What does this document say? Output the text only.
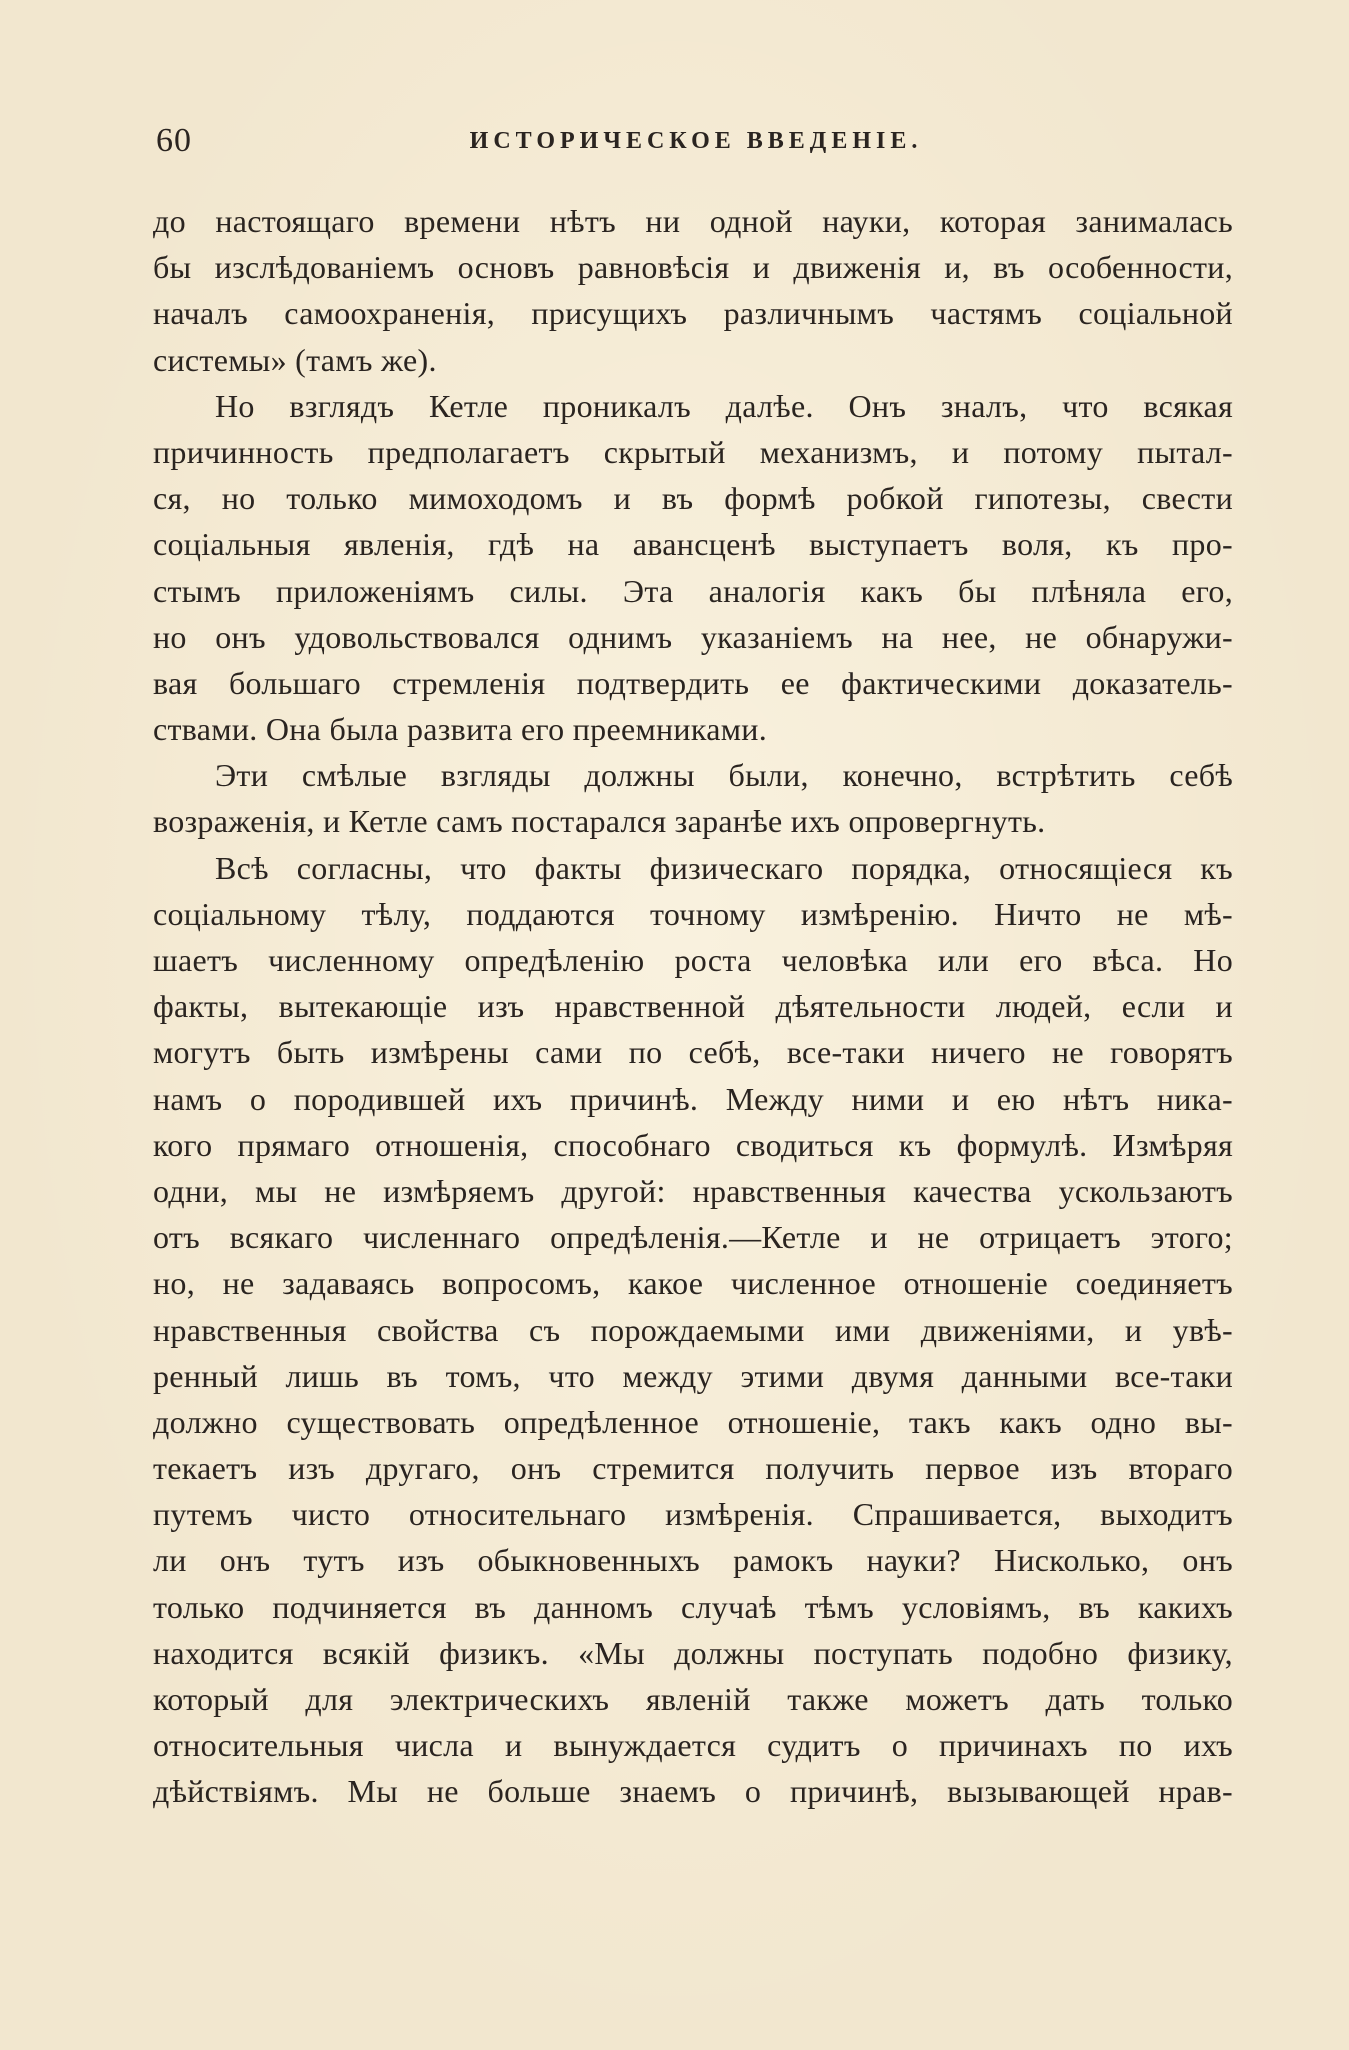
60	ИСТОРИЧЕСКОЕ ВВЕДЕНIЕ.
до настоящаго времени нѣтъ ни одной науки, которая занималась
бы изслѣдованiемъ основъ равновѣсiя и движенiя и, въ особенности,
началъ самоохраненiя, присущихъ различнымъ частямъ соцiальной
системы» (тамъ же).
Но взглядъ Кетле проникалъ далѣе. Онъ зналъ, что всякая
причинность предполагаетъ скрытый механизмъ, и потому пытал-
ся, но только мимоходомъ и въ формѣ робкой гипотезы, свести
соцiальныя явленiя, гдѣ на авансценѣ выступаетъ воля, къ про-
стымъ приложенiямъ силы. Эта аналогiя какъ бы плѣняла его,
но онъ удовольствовался однимъ указанiемъ на нее, не обнаружи-
вая большаго стремленiя подтвердить ее фактическими доказатель-
ствами. Она была развита его преемниками.
Эти смѣлые взгляды должны были, конечно, встрѣтить себѣ
возраженiя, и Кетле самъ постарался заранѣе ихъ опровергнуть.
Всѣ согласны, что факты физическаго порядка, относящiеся къ
соцiальному тѣлу, поддаются точному измѣренiю. Ничто не мѣ-
шаетъ численному опредѣленiю роста человѣка или его вѣса. Но
факты, вытекающiе изъ нравственной дѣятельности людей, если и
могутъ быть измѣрены сами по себѣ, все-таки ничего не говорятъ
намъ о породившей ихъ причинѣ. Между ними и ею нѣтъ никa-
кого прямаго отношенiя, способнаго сводиться къ формулѣ. Измѣряя
одни, мы не измѣряемъ другой: нравственныя качества ускользаютъ
отъ всякаго численнаго опредѣленiя.—Кетле и не отрицаетъ этого;
но, не задаваясь вопросомъ, какое численное отношенiе соединяетъ
нравственныя свойства съ порождаемыми ими движенiями, и увѣ-
ренный лишь въ томъ, что между этими двумя данными все-таки
должно существовать опредѣленное отношенiе, такъ какъ одно вы-
текаетъ изъ другаго, онъ стремится получить первое изъ втораго
путемъ чисто относительнаго измѣренiя. Спрашивается, выходитъ
ли онъ тутъ изъ обыкновенныхъ рамокъ науки? Нисколько, онъ
только подчиняется въ данномъ случаѣ тѣмъ условiямъ, въ какихъ
находится всякiй физикъ. «Мы должны поступать подобно физику,
который для электрическихъ явленiй также можетъ дать только
относительныя числа и вынуждается судитъ о причинахъ по ихъ
дѣйствiямъ. Мы не больше знаемъ о причинѣ, вызывающей нрав-
